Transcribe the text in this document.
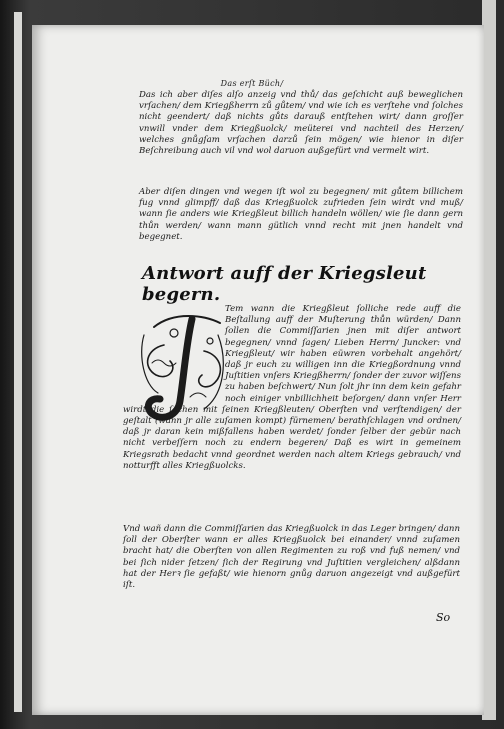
Das erſt Büch/

Das ich aber diſes alſo anzeig vnd thů/ das geſchicht auß beweglichen vrſachen/ dem Kriegßherrn zů gůtem/ vnd wie ich es verſtehe vnd ſolches nicht geendert/ daß nichts gůts darauß entſtehen wirt/ dann groſſer vnwill vnder dem Kriegßuolck/ meüterei vnd nachteil des Herzen/ welches gnůgſam vrſachen darzů ſein mögen/ wie hienor in diſer Beſchreibung auch vil vnd wol daruon außgefürt vnd vermelt wirt.

Aber diſen dingen vnd wegen iſt wol zu begegnen/ mit gůtem billichem fug vnnd glimpff/ daß das Kriegßuolck zufrieden ſein wirdt vnd muß/ wann ſie anders wie Kriegßleut billich handeln wöllen/ wie ſie dann gern thůn werden/ wann mann gütlich vnnd recht mit jnen handelt vnd begegnet.

Antwort auff der Kriegsleut begern.
J

Tem wann die Kriegßleut ſolliche rede auff die Beſtallung auff der Muſterung thůn würden/ Dann ſollen die Commiſſarien jnen mit diſer antwort begegnen/ vnnd ſagen/ Lieben Herrn/ Juncker: vnd Kriegßleut/ wir haben eüwren vorbehalt angehört/ daß jr euch zu willigen inn die Kriegßordnung vnnd Juſtitien vnſers Kriegßherrn/ ſonder der zuvor wiſſens zu haben beſchwert/ Nun ſolt jhr inn dem kein gefahr noch einiger vnbillichheit beſorgen/ dann vnſer Herr wirdt die ſachen mit ſeinen Kriegßleuten/ Oberſten vnd verſtendigen/ der geſtalt (wann jr alle zuſamen kompt) fürnemen/ berathſchlagen vnd ordnen/ daß jr daran kein mißfallens haben werdet/ ſonder ſelber der gebür nach nicht verbeſſern noch zu endern begeren/ Daß es wirt in gemeinem Kriegsrath bedacht vnnd geordnet werden nach altem Kriegs gebrauch/ vnd notturfft alles Kriegßuolcks.

Vnd wañ dann die Commiſſarien das Kriegßuolck in das Leger bringen/ dann ſoll der Oberſter wann er alles Kriegßuolck bei einander/ vnnd zuſamen bracht hat/ die Oberſten von allen Regimenten zu roß vnd fuß nemen/ vnd bei ſich nider ſetzen/ ſich der Regirung vnd Juſtitien vergleichen/ alßdann hat der Herꝛ ſie gefaßt/ wie hienorn gnůg daruon angezeigt vnd außgefürt iſt.

So
